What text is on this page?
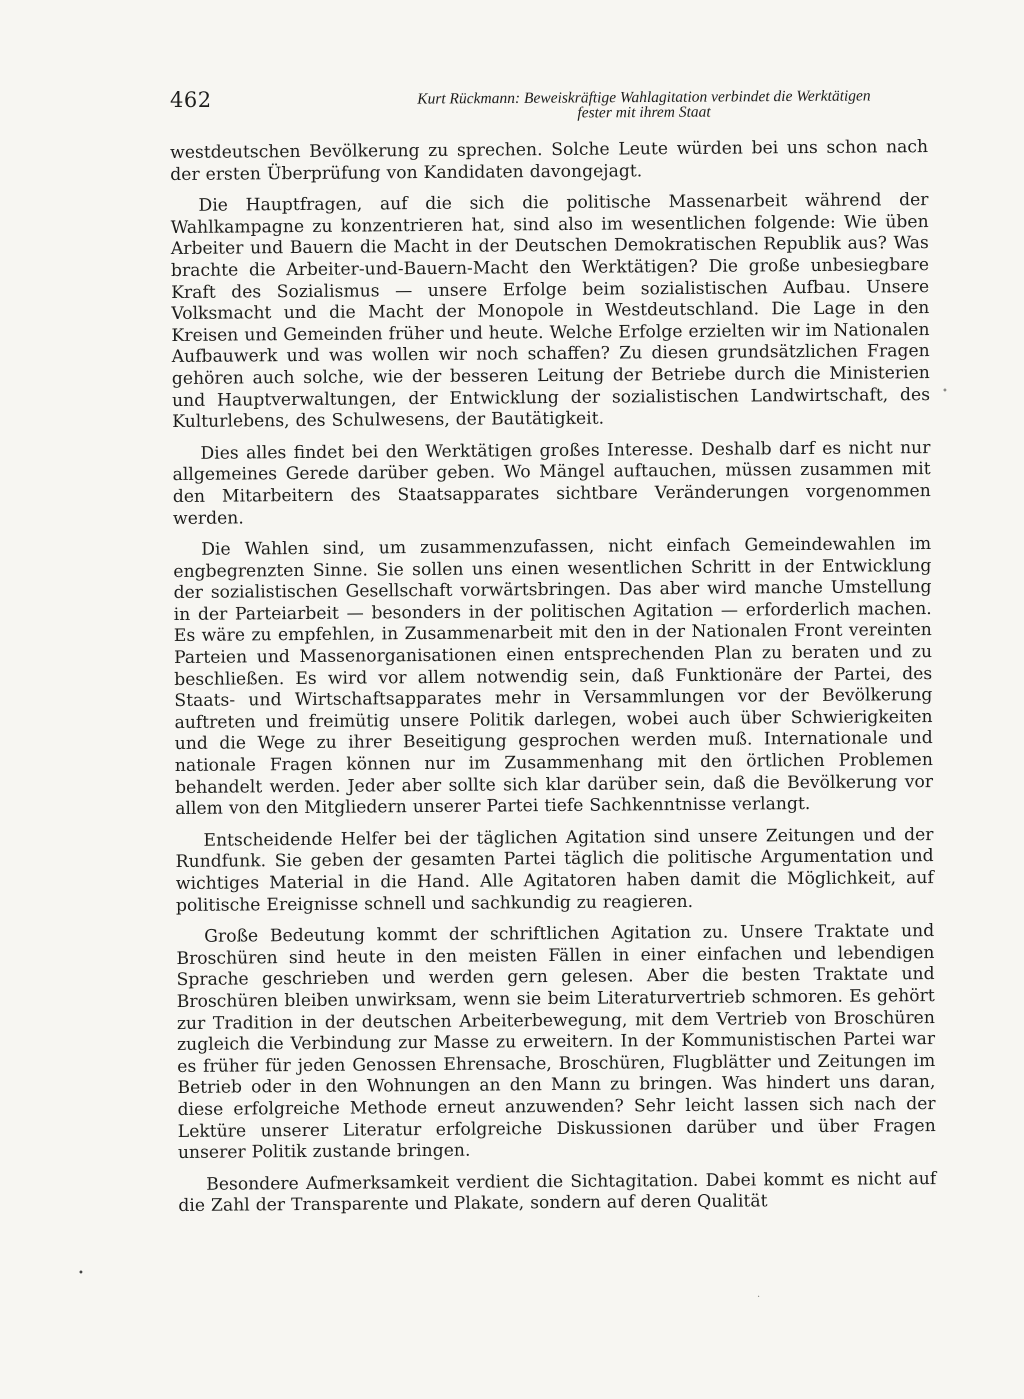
462	Kurt Rückmann: Beweiskräftige Wahlagitation verbindet die Werktätigen
fester mit ihrem Staat

westdeutschen Bevölkerung zu sprechen. Solche Leute würden bei uns schon nach der ersten Überprüfung von Kandidaten davongejagt.

Die Hauptfragen, auf die sich die politische Massenarbeit während der Wahlkampagne zu konzentrieren hat, sind also im wesentlichen folgende: Wie üben Arbeiter und Bauern die Macht in der Deutschen Demokratischen Republik aus? Was brachte die Arbeiter-und-Bauern-Macht den Werktätigen? Die große unbesiegbare Kraft des Sozialismus — unsere Erfolge beim sozialistischen Aufbau. Unsere Volksmacht und die Macht der Monopole in Westdeutschland. Die Lage in den Kreisen und Gemeinden früher und heute. Welche Erfolge erzielten wir im Nationalen Aufbauwerk und was wollen wir noch schaffen? Zu diesen grundsätzlichen Fragen gehören auch solche, wie der besseren Leitung der Betriebe durch die Ministerien und Hauptverwaltungen, der Entwicklung der sozialistischen Landwirtschaft, des Kulturlebens, des Schulwesens, der Bautätigkeit.

Dies alles findet bei den Werktätigen großes Interesse. Deshalb darf es nicht nur allgemeines Gerede darüber geben. Wo Mängel auftauchen, müssen zusammen mit den Mitarbeitern des Staatsapparates sichtbare Veränderungen vorgenommen werden.

Die Wahlen sind, um zusammenzufassen, nicht einfach Gemeindewahlen im engbegrenzten Sinne. Sie sollen uns einen wesentlichen Schritt in der Entwicklung der sozialistischen Gesellschaft vorwärtsbringen. Das aber wird manche Umstellung in der Parteiarbeit — besonders in der politischen Agitation — erforderlich machen. Es wäre zu empfehlen, in Zusammenarbeit mit den in der Nationalen Front vereinten Parteien und Massenorganisationen einen entsprechenden Plan zu beraten und zu beschließen. Es wird vor allem notwendig sein, daß Funktionäre der Partei, des Staats- und Wirtschaftsapparates mehr in Versammlungen vor der Bevölkerung auftreten und freimütig unsere Politik darlegen, wobei auch über Schwierigkeiten und die Wege zu ihrer Beseitigung gesprochen werden muß. Internationale und nationale Fragen können nur im Zusammenhang mit den örtlichen Problemen behandelt werden. Jeder aber sollte sich klar darüber sein, daß die Bevölkerung vor allem von den Mitgliedern unserer Partei tiefe Sachkenntnisse verlangt.

Entscheidende Helfer bei der täglichen Agitation sind unsere Zeitungen und der Rundfunk. Sie geben der gesamten Partei täglich die politische Argumentation und wichtiges Material in die Hand. Alle Agitatoren haben damit die Möglichkeit, auf politische Ereignisse schnell und sachkundig zu reagieren.

Große Bedeutung kommt der schriftlichen Agitation zu. Unsere Traktate und Broschüren sind heute in den meisten Fällen in einer einfachen und lebendigen Sprache geschrieben und werden gern gelesen. Aber die besten Traktate und Broschüren bleiben unwirksam, wenn sie beim Literaturvertrieb schmoren. Es gehört zur Tradition in der deutschen Arbeiterbewegung, mit dem Vertrieb von Broschüren zugleich die Verbindung zur Masse zu erweitern. In der Kommunistischen Partei war es früher für jeden Genossen Ehrensache, Broschüren, Flugblätter und Zeitungen im Betrieb oder in den Wohnungen an den Mann zu bringen. Was hindert uns daran, diese erfolgreiche Methode erneut anzuwenden? Sehr leicht lassen sich nach der Lektüre unserer Literatur erfolgreiche Diskussionen darüber und über Fragen unserer Politik zustande bringen.

Besondere Aufmerksamkeit verdient die Sichtagitation. Dabei kommt es nicht auf die Zahl der Transparente und Plakate, sondern auf deren Qualität

•
•
·
